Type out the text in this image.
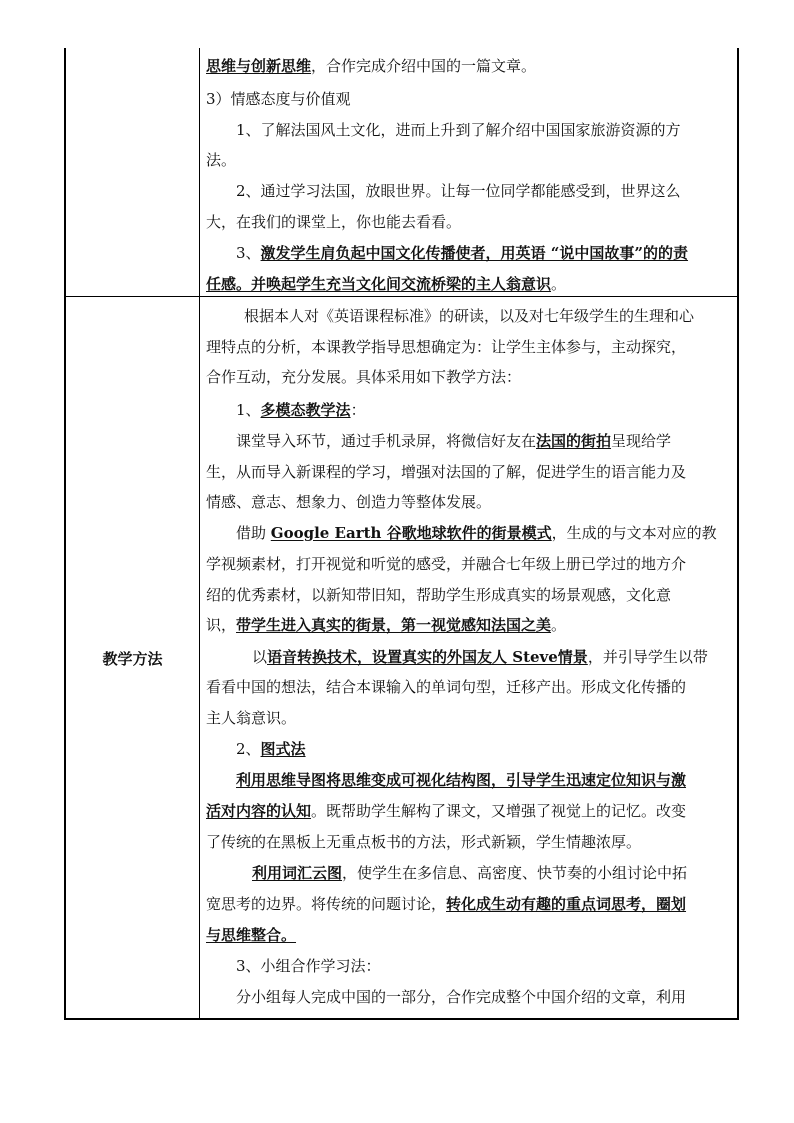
思维与创新思维，合作完成介绍中国的一篇文章。
3）情感态度与价值观
1、了解法国风土文化，进而上升到了解介绍中国国家旅游资源的方
法。
2、通过学习法国，放眼世界。让每一位同学都能感受到，世界这么
大，在我们的课堂上，你也能去看看。
3、激发学生肩负起中国文化传播使者，用英语 “说中国故事”的的责
任感。并唤起学生充当文化间交流桥梁的主人翁意识。
教学方法
根据本人对《英语课程标准》的研读，以及对七年级学生的生理和心
理特点的分析，本课教学指导思想确定为：让学生主体参与，主动探究，
合作互动，充分发展。具体采用如下教学方法：
1、多模态教学法：
课堂导入环节，通过手机录屏，将微信好友在法国的街拍呈现给学
生，从而导入新课程的学习，增强对法国的了解，促进学生的语言能力及
情感、意志、想象力、创造力等整体发展。
借助 Google Earth 谷歌地球软件的街景模式，生成的与文本对应的教
学视频素材，打开视觉和听觉的感受，并融合七年级上册已学过的地方介
绍的优秀素材，以新知带旧知，帮助学生形成真实的场景观感，文化意
识，带学生进入真实的街景，第一视觉感知法国之美。
以语音转换技术，设置真实的外国友人 Steve情景，并引导学生以带
看看中国的想法，结合本课输入的单词句型，迁移产出。形成文化传播的
主人翁意识。
2、图式法
利用思维导图将思维变成可视化结构图，引导学生迅速定位知识与激
活对内容的认知。既帮助学生解构了课文，又增强了视觉上的记忆。改变
了传统的在黑板上无重点板书的方法，形式新颖，学生情趣浓厚。
利用词汇云图，使学生在多信息、高密度、快节奏的小组讨论中拓
宽思考的边界。将传统的问题讨论，转化成生动有趣的重点词思考，圈划
与思维整合。
3、小组合作学习法：
分小组每人完成中国的一部分，合作完成整个中国介绍的文章，利用
